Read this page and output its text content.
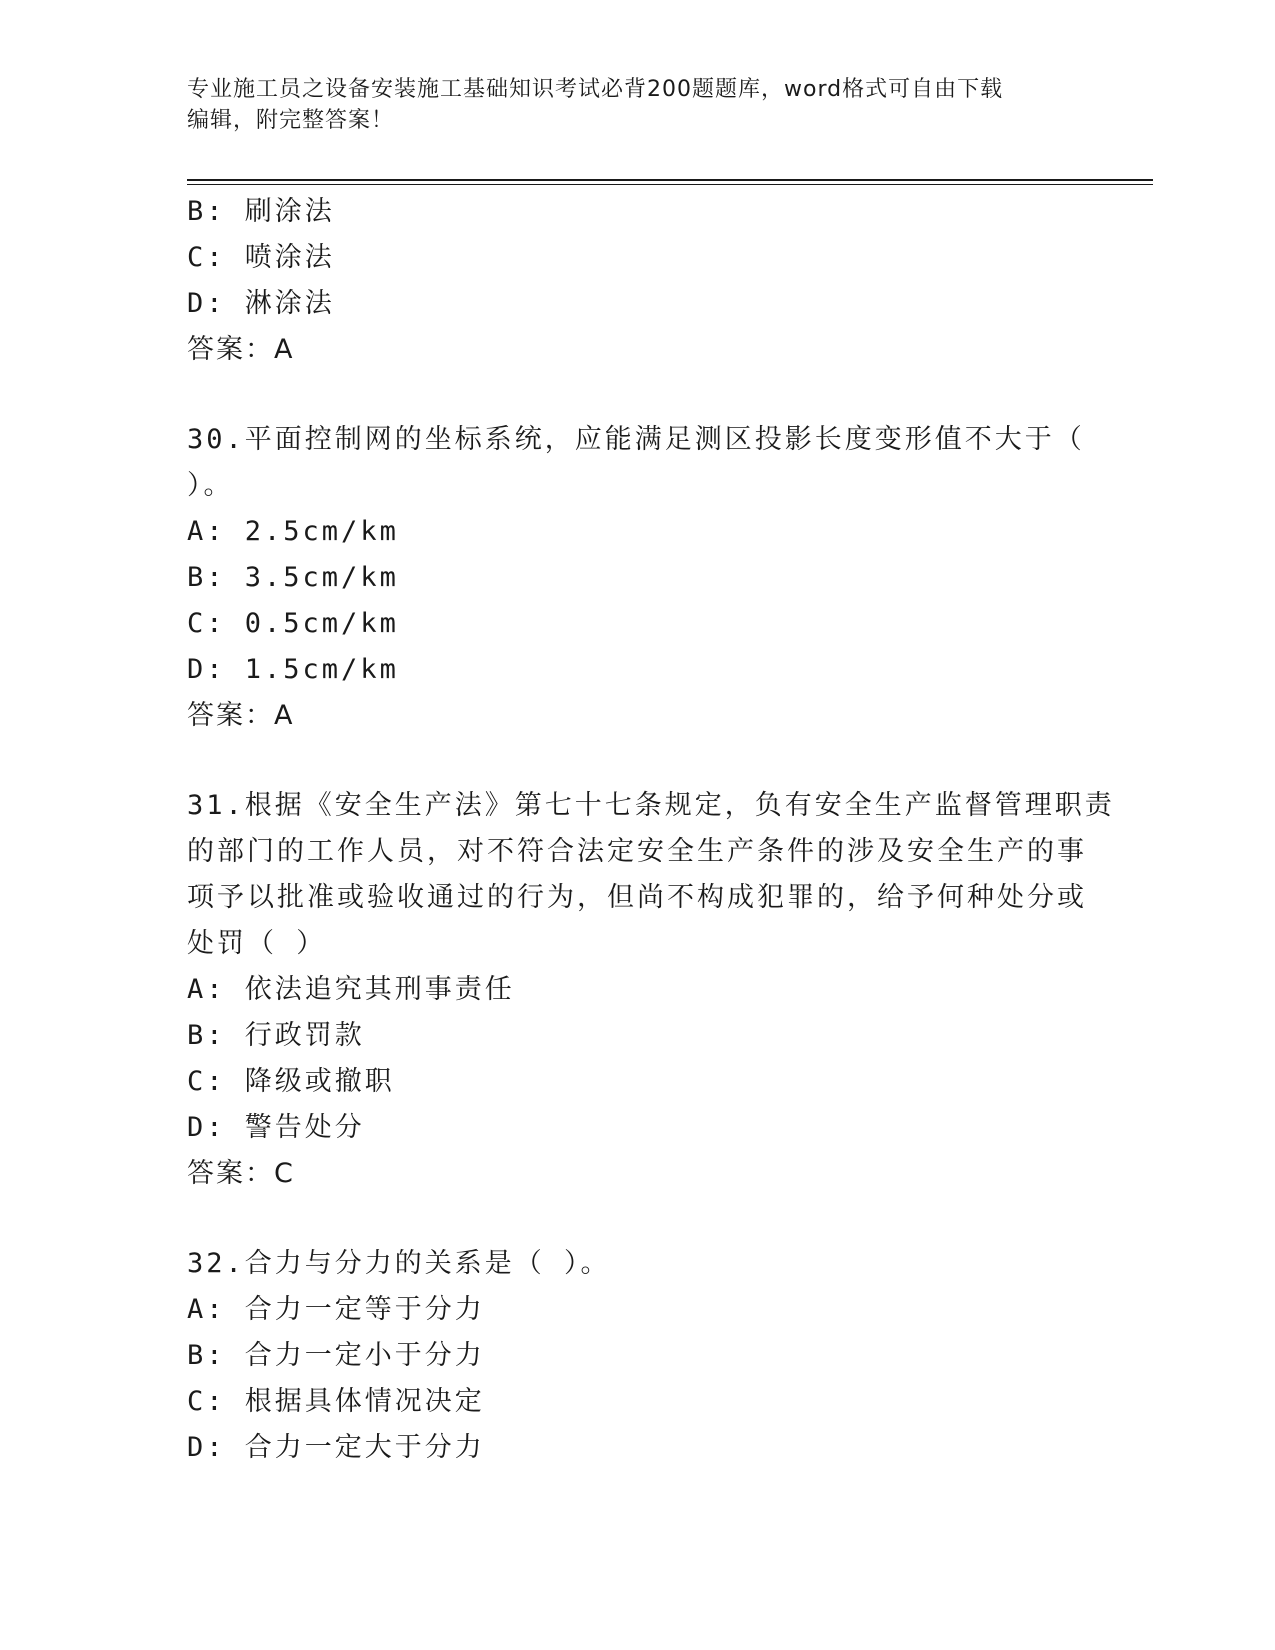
专业施工员之设备安装施工基础知识考试必背200题题库，word格式可自由下载
编辑，附完整答案！
B: 刷涂法
C: 喷涂法
D: 淋涂法
答案：A
30.平面控制网的坐标系统，应能满足测区投影长度变形值不大于（
）。
A: 2.5cm/km
B: 3.5cm/km
C: 0.5cm/km
D: 1.5cm/km
答案：A
31.根据《安全生产法》第七十七条规定，负有安全生产监督管理职责
的部门的工作人员，对不符合法定安全生产条件的涉及安全生产的事
项予以批准或验收通过的行为，但尚不构成犯罪的，给予何种处分或
处罚（ ）
A: 依法追究其刑事责任
B: 行政罚款
C: 降级或撤职
D: 警告处分
答案：C
32.合力与分力的关系是（ ）。
A: 合力一定等于分力
B: 合力一定小于分力
C: 根据具体情况决定
D: 合力一定大于分力
